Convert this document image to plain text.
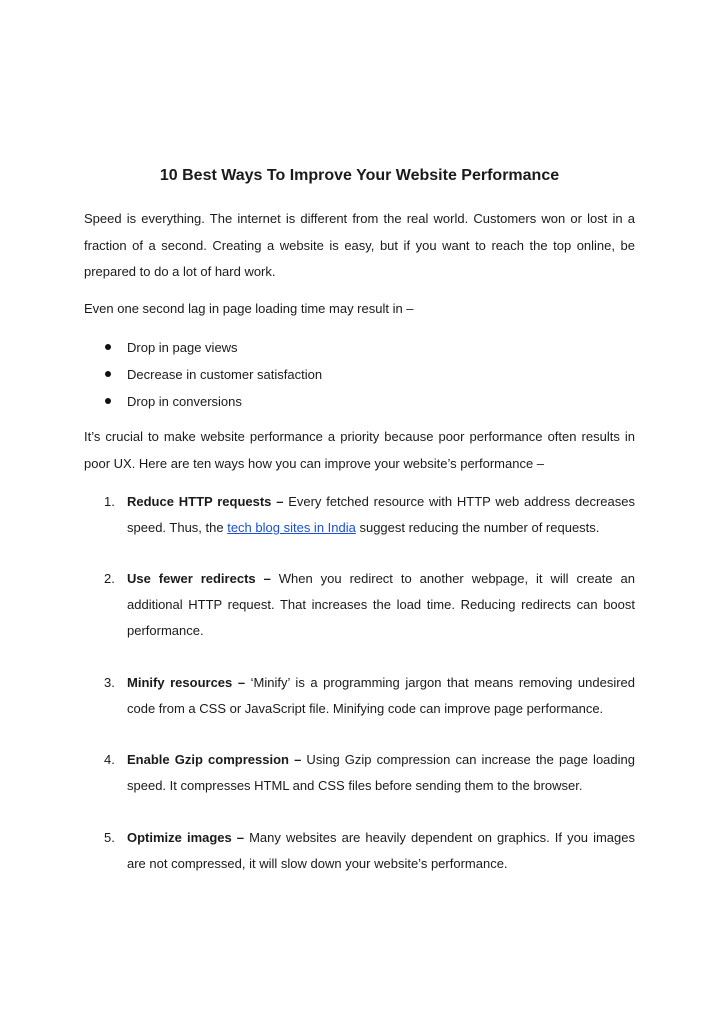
10 Best Ways To Improve Your Website Performance

Speed is everything. The internet is different from the real world. Customers won or lost in a fraction of a second. Creating a website is easy, but if you want to reach the top online, be prepared to do a lot of hard work.

Even one second lag in page loading time may result in –

Drop in page views
Decrease in customer satisfaction
Drop in conversions

It’s crucial to make website performance a priority because poor performance often results in poor UX. Here are ten ways how you can improve your website’s performance –

1. Reduce HTTP requests – Every fetched resource with HTTP web address decreases speed. Thus, the tech blog sites in India suggest reducing the number of requests.
2. Use fewer redirects – When you redirect to another webpage, it will create an additional HTTP request. That increases the load time. Reducing redirects can boost performance.
3. Minify resources – ‘Minify’ is a programming jargon that means removing undesired code from a CSS or JavaScript file. Minifying code can improve page performance.
4. Enable Gzip compression – Using Gzip compression can increase the page loading speed. It compresses HTML and CSS files before sending them to the browser.
5. Optimize images – Many websites are heavily dependent on graphics. If you images are not compressed, it will slow down your website’s performance.
